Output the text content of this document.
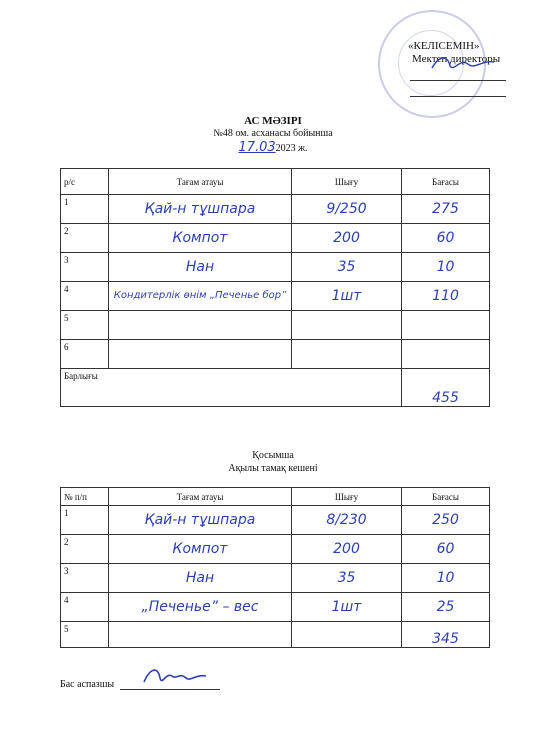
«КЕЛІСЕМІН»
Мектеп директоры
АС МӘЗІРІ
№48 ом. асханасы бойынша
17.032023 ж.
р/с	Тағам атауы	Шығу	Бағасы
1	Қай-н тұшпара	9/250	275
2	Компот	200	60
3	Нан	35	10
4	Кондитерлік өнім „Печенье бор”	1шт	110
5			
6			
Барлығы			455
Қосымша
Ақылы тамақ кешені
№ п/п	Тағам атауы	Шығу	Бағасы
1	Қай-н тұшпара	8/230	250
2	Компот	200	60
3	Нан	35	10
4	„Печенье” – вес	1шт	25
5			345
Бас аспазшы
